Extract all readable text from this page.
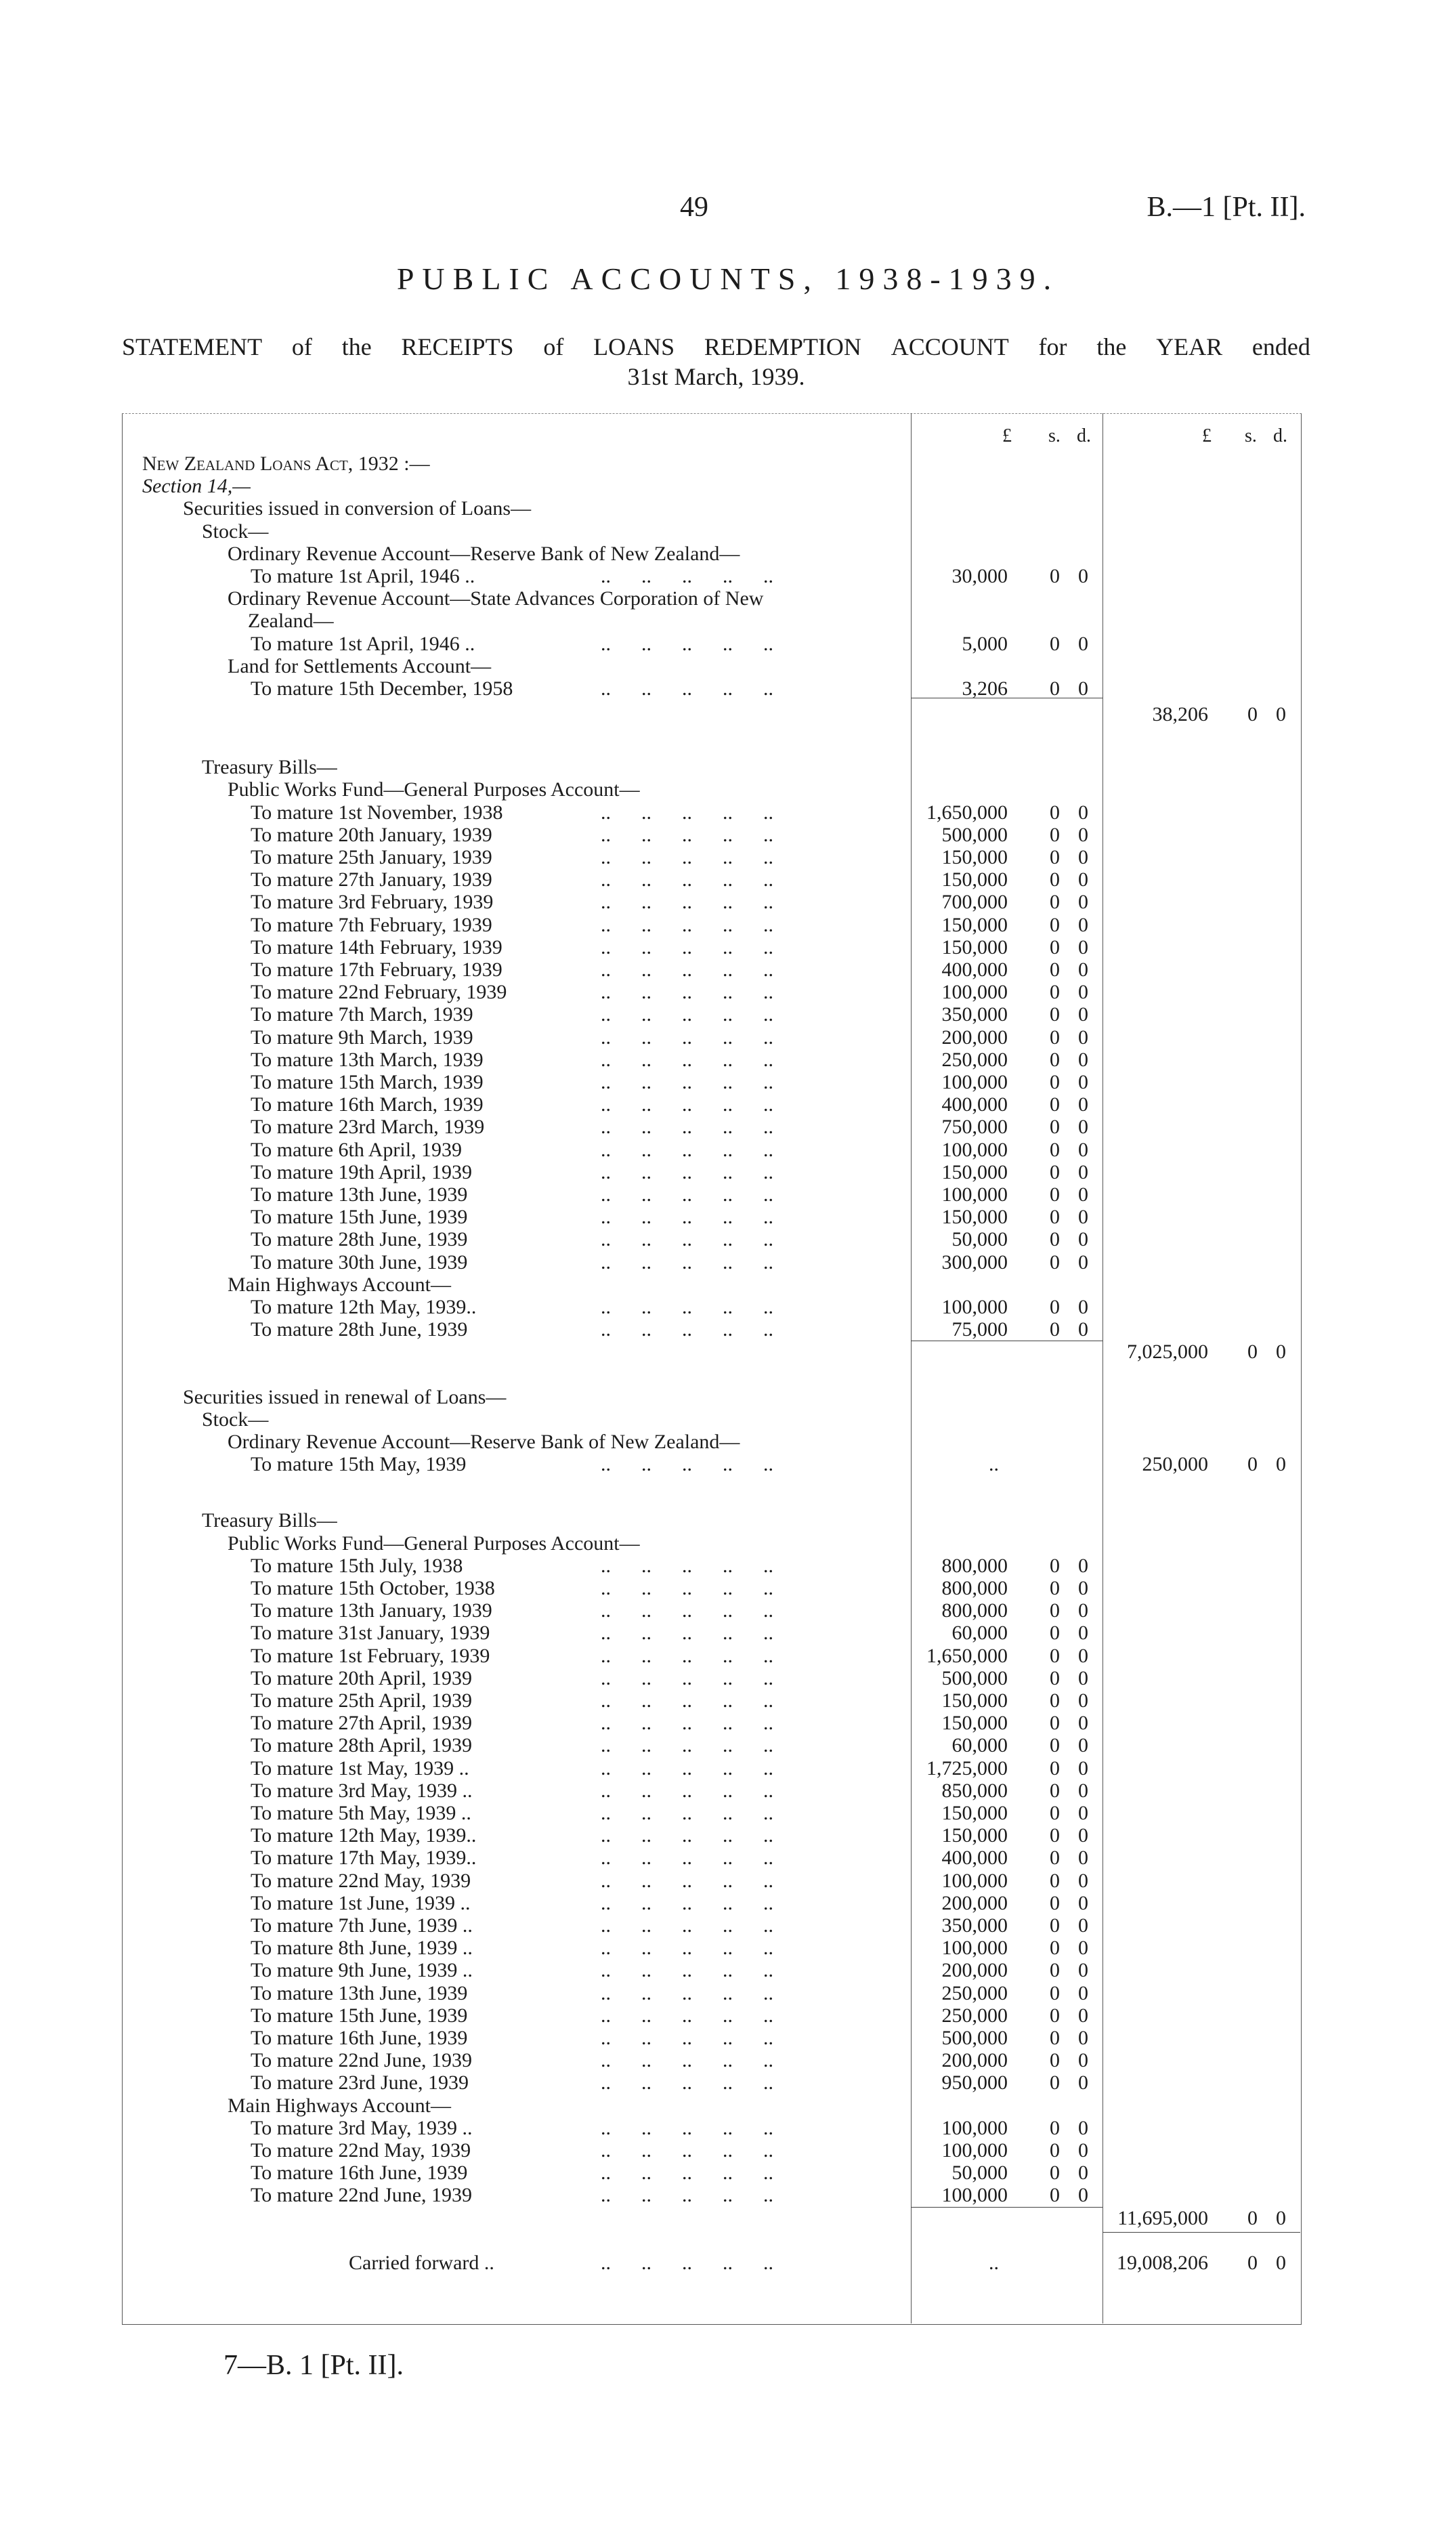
49	B.—1 [Pt. II].
PUBLIC ACCOUNTS, 1938-1939.
STATEMENT of the RECEIPTS of LOANS REDEMPTION ACCOUNT for the YEAR ended
31st March, 1939.
£ s. d.	£ s. d.
New Zealand Loans Act, 1932 :—
Section 14,—
Securities issued in conversion of Loans—
Stock—
Ordinary Revenue Account—Reserve Bank of New Zealand—
To mature 1st April, 1946 ..	..      ..      ..      ..      ..	30,000 0 0
Ordinary Revenue Account—State Advances Corporation of New
Zealand—
To mature 1st April, 1946 ..	..      ..      ..      ..      ..	5,000 0 0
Land for Settlements Account—
To mature 15th December, 1958	..      ..      ..      ..      ..	3,206 0 0
38,206 0 0
Treasury Bills—
Public Works Fund—General Purposes Account—
To mature 1st November, 1938	..      ..      ..      ..      ..	1,650,000 0 0
To mature 20th January, 1939	..      ..      ..      ..      ..	500,000 0 0
To mature 25th January, 1939	..      ..      ..      ..      ..	150,000 0 0
To mature 27th January, 1939	..      ..      ..      ..      ..	150,000 0 0
To mature 3rd February, 1939	..      ..      ..      ..      ..	700,000 0 0
To mature 7th February, 1939	..      ..      ..      ..      ..	150,000 0 0
To mature 14th February, 1939	..      ..      ..      ..      ..	150,000 0 0
To mature 17th February, 1939	..      ..      ..      ..      ..	400,000 0 0
To mature 22nd February, 1939	..      ..      ..      ..      ..	100,000 0 0
To mature 7th March, 1939	..      ..      ..      ..      ..	350,000 0 0
To mature 9th March, 1939	..      ..      ..      ..      ..	200,000 0 0
To mature 13th March, 1939	..      ..      ..      ..      ..	250,000 0 0
To mature 15th March, 1939	..      ..      ..      ..      ..	100,000 0 0
To mature 16th March, 1939	..      ..      ..      ..      ..	400,000 0 0
To mature 23rd March, 1939	..      ..      ..      ..      ..	750,000 0 0
To mature 6th April, 1939	..      ..      ..      ..      ..	100,000 0 0
To mature 19th April, 1939	..      ..      ..      ..      ..	150,000 0 0
To mature 13th June, 1939	..      ..      ..      ..      ..	100,000 0 0
To mature 15th June, 1939	..      ..      ..      ..      ..	150,000 0 0
To mature 28th June, 1939	..      ..      ..      ..      ..	50,000 0 0
To mature 30th June, 1939	..      ..      ..      ..      ..	300,000 0 0
Main Highways Account—
To mature 12th May, 1939..	..      ..      ..      ..      ..	100,000 0 0
To mature 28th June, 1939	..      ..      ..      ..      ..	75,000 0 0
7,025,000 0 0
Securities issued in renewal of Loans—
Stock—
Ordinary Revenue Account—Reserve Bank of New Zealand—
To mature 15th May, 1939	..      ..      ..      ..      ..	..	250,000 0 0
Treasury Bills—
Public Works Fund—General Purposes Account—
To mature 15th July, 1938	..      ..      ..      ..      ..	800,000 0 0
To mature 15th October, 1938	..      ..      ..      ..      ..	800,000 0 0
To mature 13th January, 1939	..      ..      ..      ..      ..	800,000 0 0
To mature 31st January, 1939	..      ..      ..      ..      ..	60,000 0 0
To mature 1st February, 1939	..      ..      ..      ..      ..	1,650,000 0 0
To mature 20th April, 1939	..      ..      ..      ..      ..	500,000 0 0
To mature 25th April, 1939	..      ..      ..      ..      ..	150,000 0 0
To mature 27th April, 1939	..      ..      ..      ..      ..	150,000 0 0
To mature 28th April, 1939	..      ..      ..      ..      ..	60,000 0 0
To mature 1st May, 1939 ..	..      ..      ..      ..      ..	1,725,000 0 0
To mature 3rd May, 1939 ..	..      ..      ..      ..      ..	850,000 0 0
To mature 5th May, 1939 ..	..      ..      ..      ..      ..	150,000 0 0
To mature 12th May, 1939..	..      ..      ..      ..      ..	150,000 0 0
To mature 17th May, 1939..	..      ..      ..      ..      ..	400,000 0 0
To mature 22nd May, 1939	..      ..      ..      ..      ..	100,000 0 0
To mature 1st June, 1939 ..	..      ..      ..      ..      ..	200,000 0 0
To mature 7th June, 1939 ..	..      ..      ..      ..      ..	350,000 0 0
To mature 8th June, 1939 ..	..      ..      ..      ..      ..	100,000 0 0
To mature 9th June, 1939 ..	..      ..      ..      ..      ..	200,000 0 0
To mature 13th June, 1939	..      ..      ..      ..      ..	250,000 0 0
To mature 15th June, 1939	..      ..      ..      ..      ..	250,000 0 0
To mature 16th June, 1939	..      ..      ..      ..      ..	500,000 0 0
To mature 22nd June, 1939	..      ..      ..      ..      ..	200,000 0 0
To mature 23rd June, 1939	..      ..      ..      ..      ..	950,000 0 0
Main Highways Account—
To mature 3rd May, 1939 ..	..      ..      ..      ..      ..	100,000 0 0
To mature 22nd May, 1939	..      ..      ..      ..      ..	100,000 0 0
To mature 16th June, 1939	..      ..      ..      ..      ..	50,000 0 0
To mature 22nd June, 1939	..      ..      ..      ..      ..	100,000 0 0
11,695,000 0 0
Carried forward ..	..      ..      ..      ..      ..	..	19,008,206 0 0
7—B. 1 [Pt. II].
